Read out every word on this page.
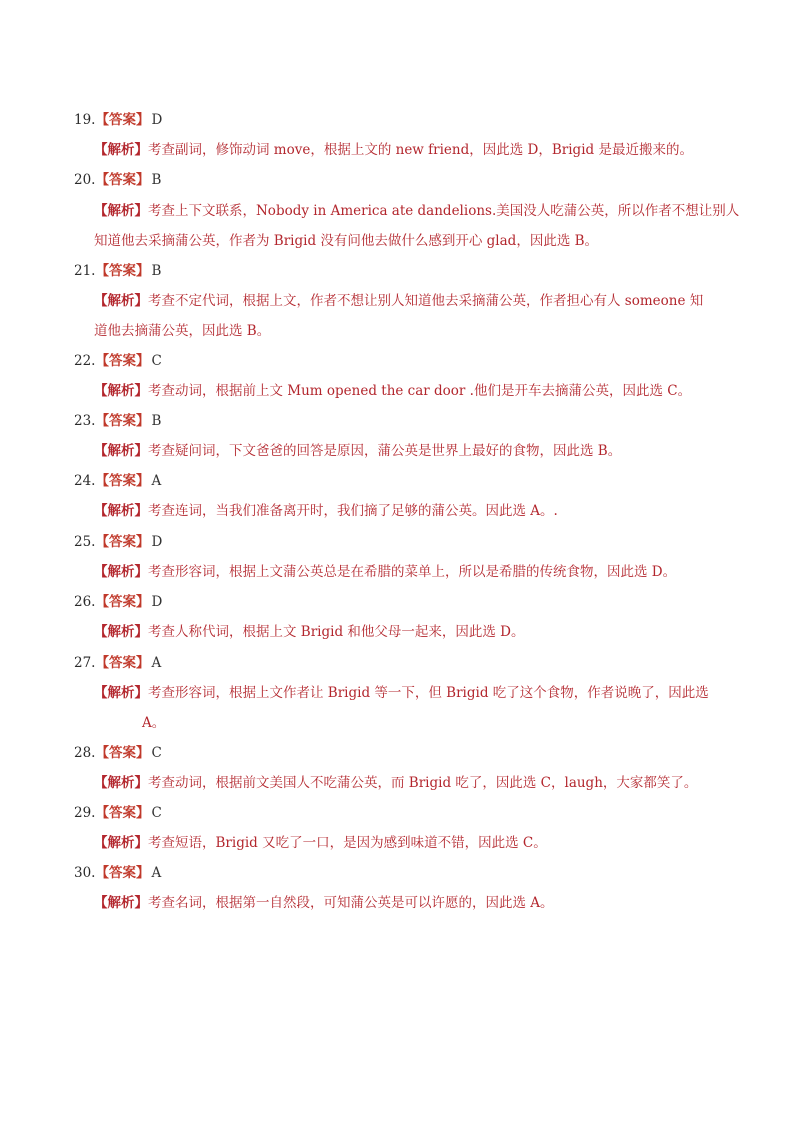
19.【答案】 D
【解析】考查副词，修饰动词 move，根据上文的 new friend，因此选 D，Brigid 是最近搬来的。
20.【答案】 B
【解析】考查上下文联系，Nobody in America ate dandelions.美国没人吃蒲公英，所以作者不想让别人
知道他去采摘蒲公英，作者为 Brigid 没有问他去做什么感到开心 glad，因此选 B。
21.【答案】 B
【解析】考查不定代词，根据上文，作者不想让别人知道他去采摘蒲公英，作者担心有人 someone 知
道他去摘蒲公英，因此选 B。
22.【答案】 C
【解析】考查动词，根据前上文 Mum opened the car door .他们是开车去摘蒲公英，因此选 C。
23.【答案】 B
【解析】考查疑问词，下文爸爸的回答是原因，蒲公英是世界上最好的食物，因此选 B。
24.【答案】 A
【解析】考查连词，当我们准备离开时，我们摘了足够的蒲公英。因此选 A。.
25.【答案】 D
【解析】考查形容词，根据上文蒲公英总是在希腊的菜单上，所以是希腊的传统食物，因此选 D。
26.【答案】 D
【解析】考查人称代词，根据上文 Brigid 和他父母一起来，因此选 D。
27.【答案】 A
【解析】考查形容词，根据上文作者让 Brigid 等一下，但 Brigid 吃了这个食物，作者说晚了，因此选
A。
28.【答案】 C
【解析】考查动词，根据前文美国人不吃蒲公英，而 Brigid 吃了，因此选 C，laugh，大家都笑了。
29.【答案】 C
【解析】考查短语，Brigid 又吃了一口，是因为感到味道不错，因此选 C。
30.【答案】 A
【解析】考查名词，根据第一自然段，可知蒲公英是可以许愿的，因此选 A。
